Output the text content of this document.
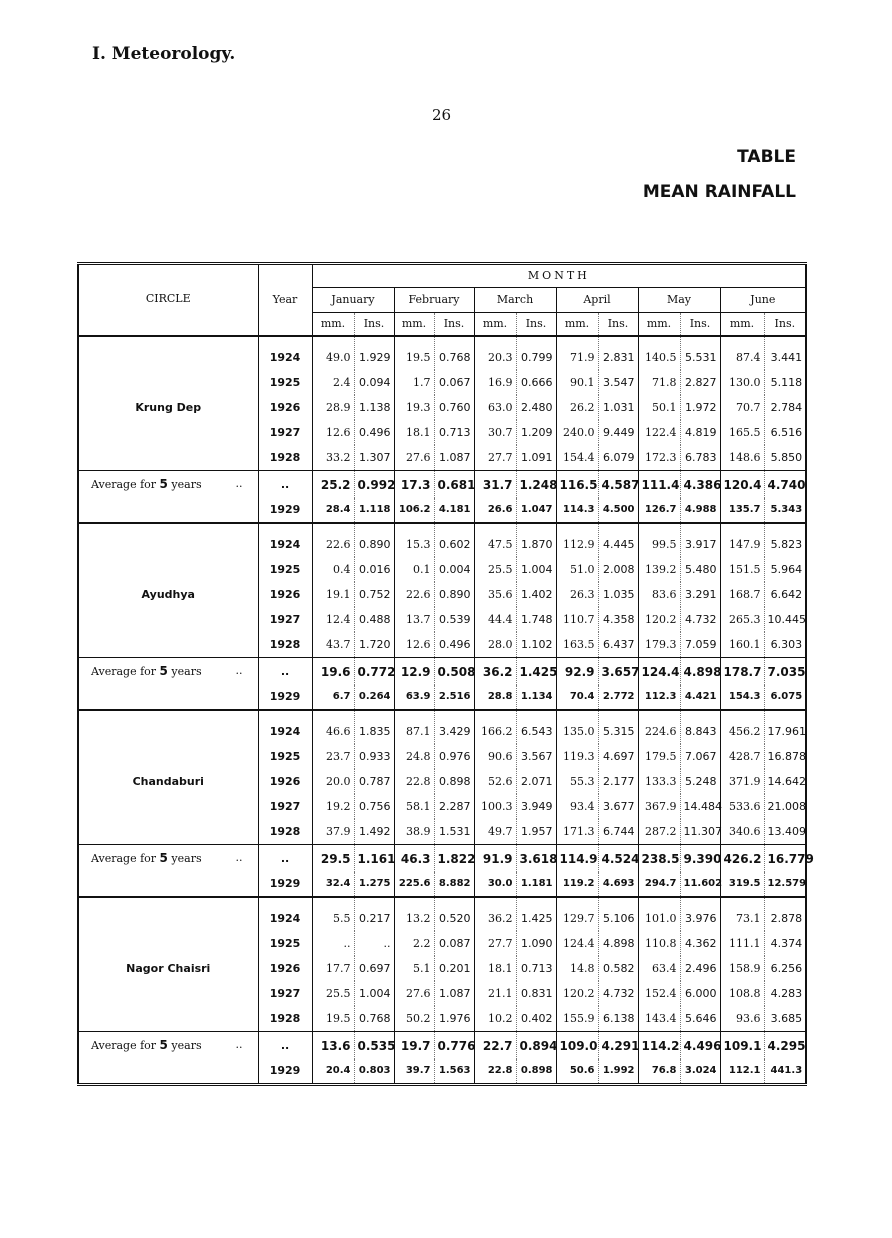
I. Meteorology.
26
TABLE
MEAN RAINFALL
CIRCLE	Year	MONTH											
		January		February		March		April		May		June	
		mm.	Ins.	mm.	Ins.	mm.	Ins.	mm.	Ins.	mm.	Ins.	mm.	Ins.
Krung Dep	1924	49.0	1.929	19.5	0.768	20.3	0.799	71.9	2.831	140.5	5.531	87.4	3.441
	1925	2.4	0.094	1.7	0.067	16.9	0.666	90.1	3.547	71.8	2.827	130.0	5.118
	1926	28.9	1.138	19.3	0.760	63.0	2.480	26.2	1.031	50.1	1.972	70.7	2.784
	1927	12.6	0.496	18.1	0.713	30.7	1.209	240.0	9.449	122.4	4.819	165.5	6.516
	1928	33.2	1.307	27.6	1.087	27.7	1.091	154.4	6.079	172.3	6.783	148.6	5.850
Average for 5 years ..	..	25.2	0.992	17.3	0.681	31.7	1.248	116.5	4.587	111.4	4.386	120.4	4.740
	1929	28.4	1.118	106.2	4.181	26.6	1.047	114.3	4.500	126.7	4.988	135.7	5.343
Ayudhya	1924	22.6	0.890	15.3	0.602	47.5	1.870	112.9	4.445	99.5	3.917	147.9	5.823
	1925	0.4	0.016	0.1	0.004	25.5	1.004	51.0	2.008	139.2	5.480	151.5	5.964
	1926	19.1	0.752	22.6	0.890	35.6	1.402	26.3	1.035	83.6	3.291	168.7	6.642
	1927	12.4	0.488	13.7	0.539	44.4	1.748	110.7	4.358	120.2	4.732	265.3	10.445
	1928	43.7	1.720	12.6	0.496	28.0	1.102	163.5	6.437	179.3	7.059	160.1	6.303
Average for 5 years ..	..	19.6	0.772	12.9	0.508	36.2	1.425	92.9	3.657	124.4	4.898	178.7	7.035
	1929	6.7	0.264	63.9	2.516	28.8	1.134	70.4	2.772	112.3	4.421	154.3	6.075
Chandaburi	1924	46.6	1.835	87.1	3.429	166.2	6.543	135.0	5.315	224.6	8.843	456.2	17.961
	1925	23.7	0.933	24.8	0.976	90.6	3.567	119.3	4.697	179.5	7.067	428.7	16.878
	1926	20.0	0.787	22.8	0.898	52.6	2.071	55.3	2.177	133.3	5.248	371.9	14.642
	1927	19.2	0.756	58.1	2.287	100.3	3.949	93.4	3.677	367.9	14.484	533.6	21.008
	1928	37.9	1.492	38.9	1.531	49.7	1.957	171.3	6.744	287.2	11.307	340.6	13.409
Average for 5 years ..	..	29.5	1.161	46.3	1.822	91.9	3.618	114.9	4.524	238.5	9.390	426.2	16.779
	1929	32.4	1.275	225.6	8.882	30.0	1.181	119.2	4.693	294.7	11.602	319.5	12.579
Nagor Chaisri	1924	5.5	0.217	13.2	0.520	36.2	1.425	129.7	5.106	101.0	3.976	73.1	2.878
	1925	..	..	2.2	0.087	27.7	1.090	124.4	4.898	110.8	4.362	111.1	4.374
	1926	17.7	0.697	5.1	0.201	18.1	0.713	14.8	0.582	63.4	2.496	158.9	6.256
	1927	25.5	1.004	27.6	1.087	21.1	0.831	120.2	4.732	152.4	6.000	108.8	4.283
	1928	19.5	0.768	50.2	1.976	10.2	0.402	155.9	6.138	143.4	5.646	93.6	3.685
Average for 5 years ..	..	13.6	0.535	19.7	0.776	22.7	0.894	109.0	4.291	114.2	4.496	109.1	4.295
	1929	20.4	0.803	39.7	1.563	22.8	0.898	50.6	1.992	76.8	3.024	112.1	441.3
